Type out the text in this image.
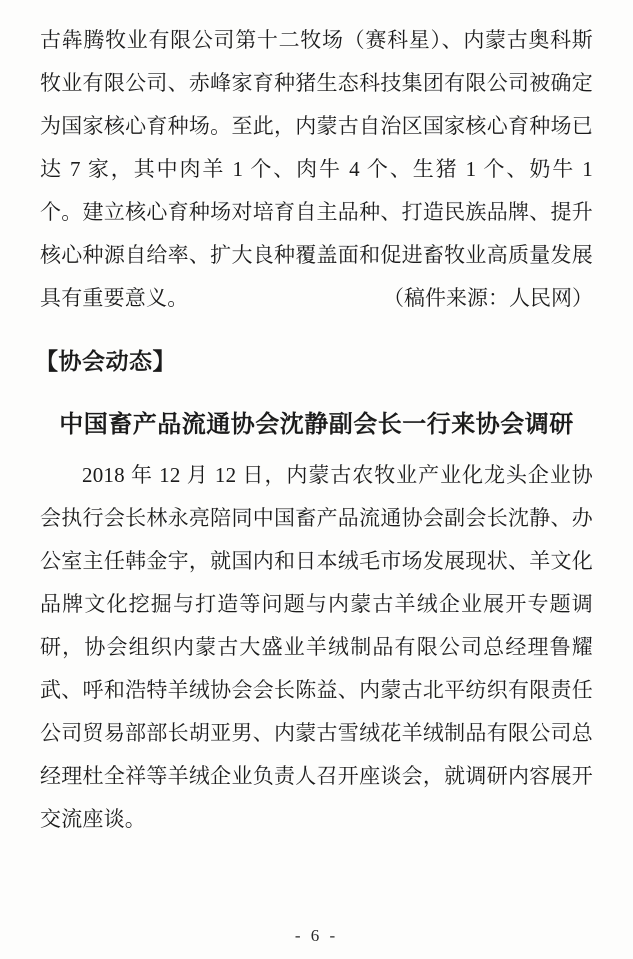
古犇腾牧业有限公司第十二牧场（赛科星）、内蒙古奥科斯牧业有限公司、赤峰家育种猪生态科技集团有限公司被确定为国家核心育种场。至此，内蒙古自治区国家核心育种场已达 7 家，其中肉羊 1 个、肉牛 4 个、生猪 1 个、奶牛 1 个。建立核心育种场对培育自主品种、打造民族品牌、提升核心种源自给率、扩大良种覆盖面和促进畜牧业高质量发展具有重要意义。	（稿件来源：人民网）
【协会动态】
中国畜产品流通协会沈静副会长一行来协会调研

2018 年 12 月 12 日，内蒙古农牧业产业化龙头企业协会执行会长林永亮陪同中国畜产品流通协会副会长沈静、办公室主任韩金宇，就国内和日本绒毛市场发展现状、羊文化品牌文化挖掘与打造等问题与内蒙古羊绒企业展开专题调研，协会组织内蒙古大盛业羊绒制品有限公司总经理鲁耀武、呼和浩特羊绒协会会长陈益、内蒙古北平纺织有限责任公司贸易部部长胡亚男、内蒙古雪绒花羊绒制品有限公司总经理杜全祥等羊绒企业负责人召开座谈会，就调研内容展开交流座谈。

- 6 -
